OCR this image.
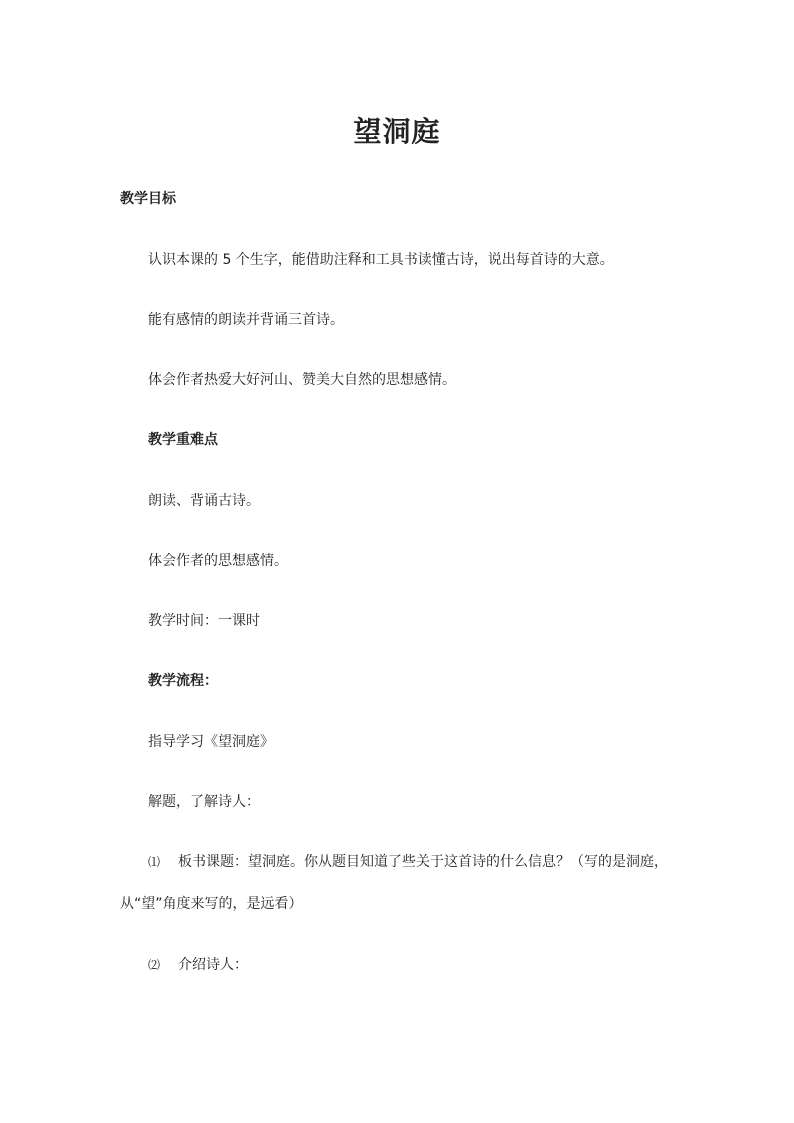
望洞庭
教学目标
认识本课的 5 个生字，能借助注释和工具书读懂古诗，说出每首诗的大意。
能有感情的朗读并背诵三首诗。
体会作者热爱大好河山、赞美大自然的思想感情。
教学重难点
朗读、背诵古诗。
体会作者的思想感情。
教学时间：一课时
教学流程：
指导学习《望洞庭》
解题，了解诗人：
⑴ 板书课题：望洞庭。你从题目知道了些关于这首诗的什么信息？（写的是洞庭，
从“望”角度来写的，是远看）
⑵ 介绍诗人：
